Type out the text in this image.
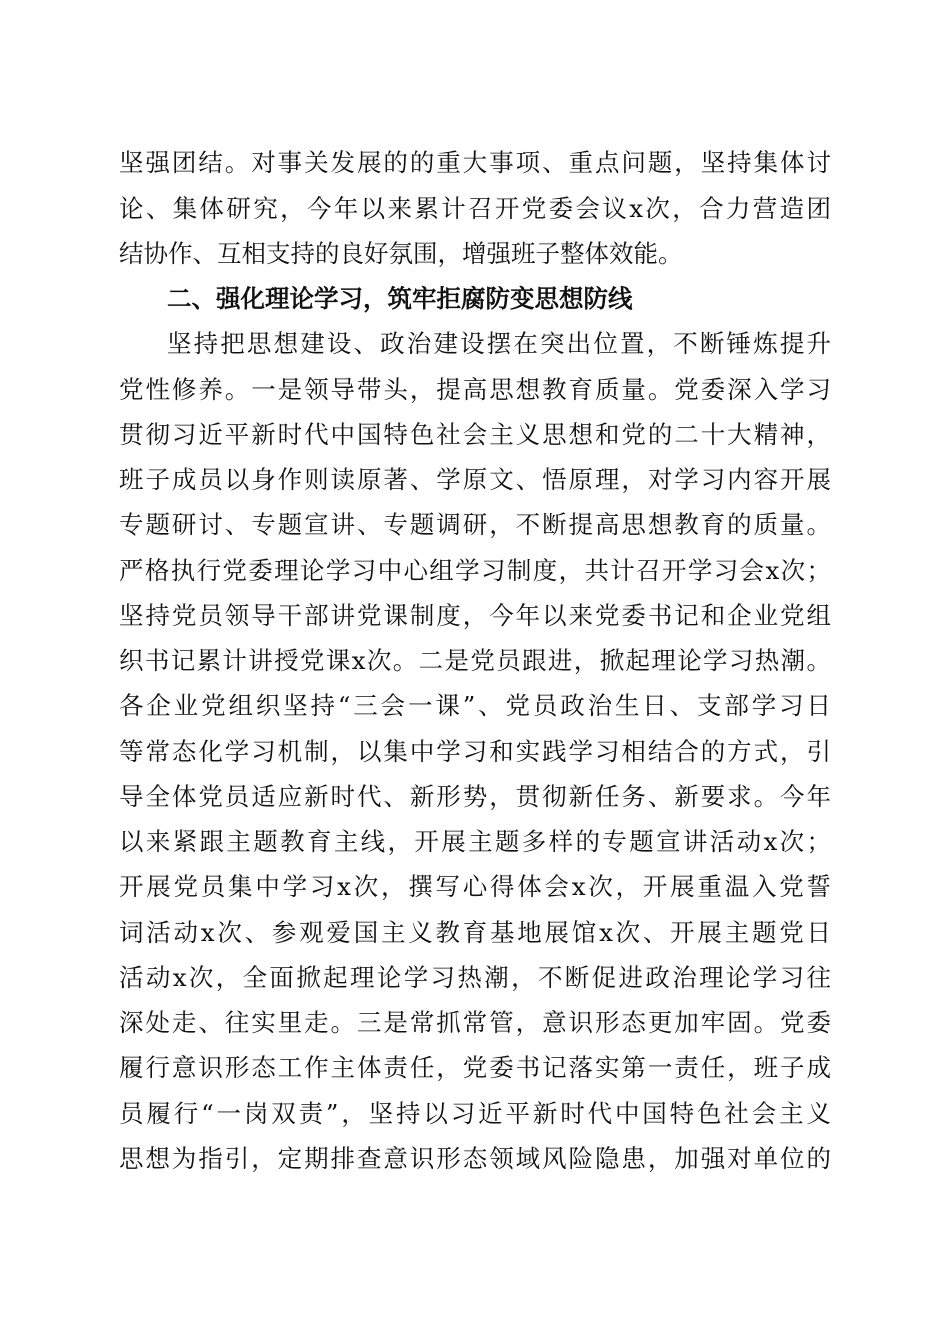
坚强团结。对事关发展的的重大事项、重点问题，坚持集体讨
论、集体研究，今年以来累计召开党委会议x次，合力营造团
结协作、互相支持的良好氛围，增强班子整体效能。
二、强化理论学习，筑牢拒腐防变思想防线
坚持把思想建设、政治建设摆在突出位置，不断锤炼提升
党性修养。一是领导带头，提高思想教育质量。党委深入学习
贯彻习近平新时代中国特色社会主义思想和党的二十大精神，
班子成员以身作则读原著、学原文、悟原理，对学习内容开展
专题研讨、专题宣讲、专题调研，不断提高思想教育的质量。
严格执行党委理论学习中心组学习制度，共计召开学习会x次；
坚持党员领导干部讲党课制度，今年以来党委书记和企业党组
织书记累计讲授党课x次。二是党员跟进，掀起理论学习热潮。
各企业党组织坚持“三会一课”、党员政治生日、支部学习日
等常态化学习机制，以集中学习和实践学习相结合的方式，引
导全体党员适应新时代、新形势，贯彻新任务、新要求。今年
以来紧跟主题教育主线，开展主题多样的专题宣讲活动x次；
开展党员集中学习x次，撰写心得体会x次，开展重温入党誓
词活动x次、参观爱国主义教育基地展馆x次、开展主题党日
活动x次，全面掀起理论学习热潮，不断促进政治理论学习往
深处走、往实里走。三是常抓常管，意识形态更加牢固。党委
履行意识形态工作主体责任，党委书记落实第一责任，班子成
员履行“一岗双责”，坚持以习近平新时代中国特色社会主义
思想为指引，定期排查意识形态领域风险隐患，加强对单位的
